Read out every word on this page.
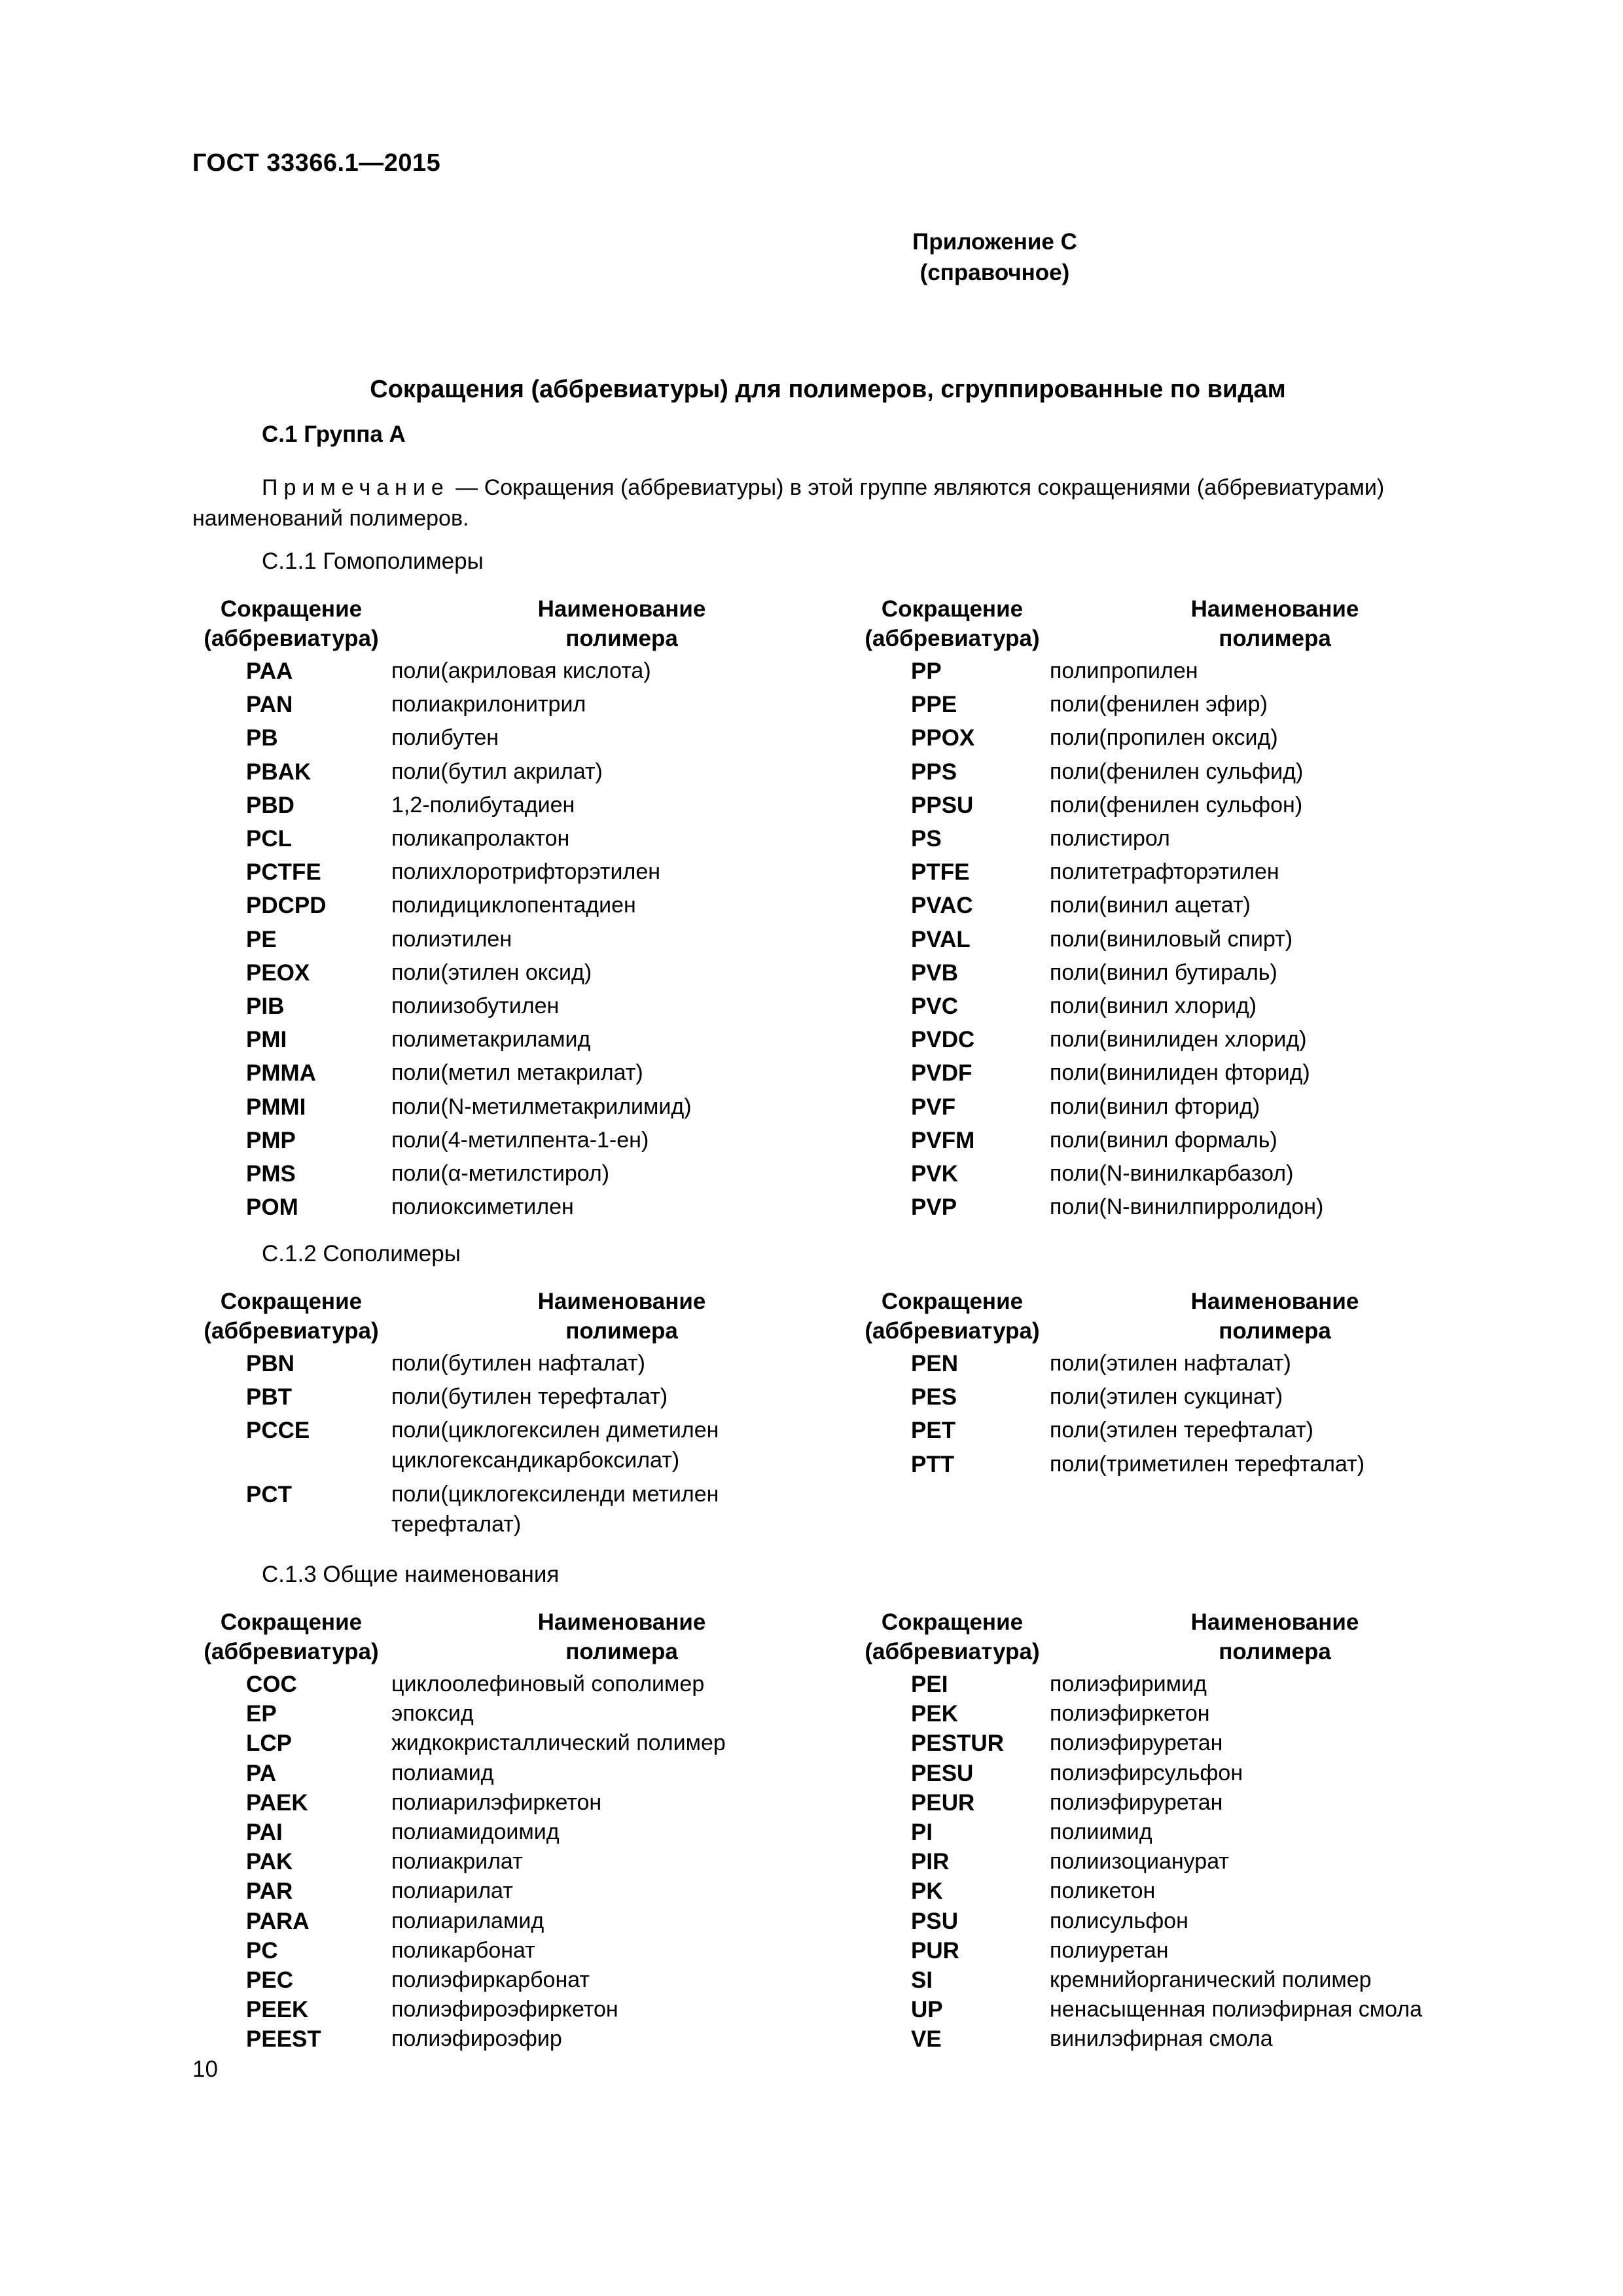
ГОСТ 33366.1—2015
Приложение С
(справочное)
Сокращения (аббревиатуры) для полимеров, сгруппированные по видам
С.1 Группа А
Примечание — Сокращения (аббревиатуры) в этой группе являются сокращениями (аббревиатурами)
наименований полимеров.
С.1.1 Гомополимеры
Сокращение
(аббревиатура)
Наименование
полимера
PAA	поли(акриловая кислота)
PAN	полиакрилонитрил
PB	полибутен
PBAK	поли(бутил акрилат)
PBD	1,2-полибутадиен
PCL	поликапролактон
PCTFE	полихлоротрифторэтилен
PDCPD	полидициклопентадиен
PE	полиэтилен
PEOX	поли(этилен оксид)
PIB	полиизобутилен
PMI	полиметакриламид
PMMA	поли(метил метакрилат)
PMMI	поли(N-метилметакрилимид)
PMP	поли(4-метилпента-1-ен)
PMS	поли(α-метилстирол)
POM	полиоксиметилен
Сокращение
(аббревиатура)
Наименование
полимера
PP	полипропилен
PPE	поли(фенилен эфир)
PPOX	поли(пропилен оксид)
PPS	поли(фенилен сульфид)
PPSU	поли(фенилен сульфон)
PS	полистирол
PTFE	политетрафторэтилен
PVAC	поли(винил ацетат)
PVAL	поли(виниловый спирт)
PVB	поли(винил бутираль)
PVC	поли(винил хлорид)
PVDC	поли(винилиден хлорид)
PVDF	поли(винилиден фторид)
PVF	поли(винил фторид)
PVFM	поли(винил формаль)
PVK	поли(N-винилкарбазол)
PVP	поли(N-винилпирролидон)
С.1.2 Сополимеры
Сокращение
(аббревиатура)
Наименование
полимера
PBN	поли(бутилен нафталат)
PBT	поли(бутилен терефталат)
PCCE	поли(циклогексилен диметилен
циклогександикарбоксилат)
PCT	поли(циклогексиленди метилен
терефталат)
Сокращение
(аббревиатура)
Наименование
полимера
PEN	поли(этилен нафталат)
PES	поли(этилен сукцинат)
PET	поли(этилен терефталат)
PTT	поли(триметилен терефталат)
С.1.3 Общие наименования
Сокращение
(аббревиатура)
Наименование
полимера
COC	циклоолефиновый сополимер
EP	эпоксид
LCP	жидкокристаллический полимер
PA	полиамид
PAEK	полиарилэфиркетон
PAI	полиамидоимид
PAK	полиакрилат
PAR	полиарилат
PARA	полиариламид
PC	поликарбонат
PEC	полиэфиркарбонат
PEEK	полиэфироэфиркетон
PEEST	полиэфироэфир
Сокращение
(аббревиатура)
Наименование
полимера
PEI	полиэфиримид
PEK	полиэфиркетон
PESTUR полиэфируретан
PESU	полиэфирсульфон
PEUR	полиэфируретан
PI	полиимид
PIR	полиизоцианурат
PK	поликетон
PSU	полисульфон
PUR	полиуретан
SI	кремнийорганический полимер
UP	ненасыщенная полиэфирная смола
VE	винилэфирная смола
10
